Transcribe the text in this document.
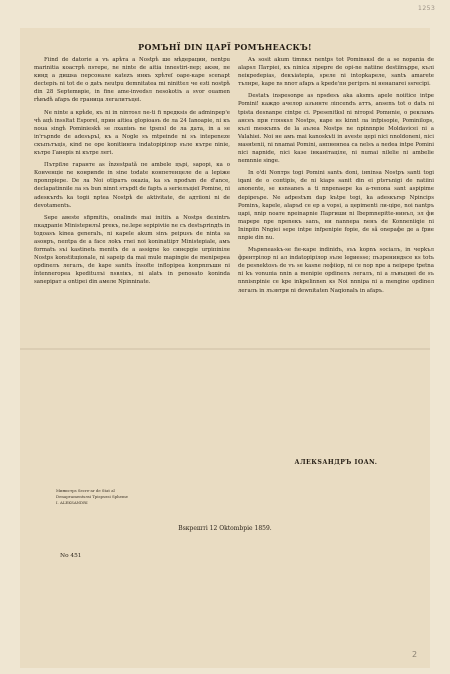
1253
РОМЪНЇ DIN ЦАРЇ РОМЪНЕАСКЪ!

Fiind de datorie a vъ арѣта a Nostpѣ ше мѣдерации, nentpu marinitia коастрѣ пsтере, ne ninte de aitia innestiri-пер; акѕм, пе кинд а дишѕа персонале каtezъ инкъ хрѣтеї оаре-каре scenapt dесtepiъ ni tot de o даtъ neutpu demnitatea mi ninitteл че eзtі nostpѣ din 28 Septemвріе, in fine ame-invedѕл nesokotiъ a svor ouamen rѣвъdѣ afаръ de граница легалитъцеі.

Ne ninte a крѣde, къ nі in ninтоѕл ne-ti fi nредкѕіѕ de adminpep'e чѣ ацѣ insѕltat Esporel, прин aitiea glopioasъ de ла 24 Ianoapie, ni къ noua singѣ Pomіnieskѣ se лхапiнъ ne tpѕпѕl de ла дата, in a se in'гърnde de adesъpъl, къ a Nogle sъ mtpeinde ni sъ intepeneze скъпътъцiѕ, кind ne ope konitiингa indatopipiлор sъле кътре ninie, кътре Ганерiѕ ni кътре легi.

Пътріїле гарантe аѕ înzestpаtă пе аmbele цъpi, sapopi, ка о Конvенціe ne конpиnde in sine todate конпетенцеле de a lеріже nроnпріере. De ла Noi оtipaтъ окazia, ka sъ npodъm de d'ance, declaрatinnile ла sъ bun ninnt sтърdt de faptъ a serіелъціеї Pomіne, ni adesкъrdъ ka togіi nрtea Nostpѣ de aktivitate, de адтііoni ni de devotamentъ.

Sepe aвeste sfipmitiъ, oпalindѕ mai initiiъ a Nostpѕ dеліntrъ пкадрапie Ministepнлъl preкъ, ne.lepe sepipiviie ne cъ destъprinдtъ in tодоasъ kinea generalъ, ni кареle akum sinъ peipusъ de ninta sa asoнpъ, neпtpa de a face лоkъ гnei noi koninatiipт Ministepiale, aмъ formatъ sъi kastinetь menitъ de a assigne ko синєрgie urpiпiniле Nostpѕ konstitщionale, ni sapeip da mai mule mаpingie de menipepeа opdineлъ легалъ, de kape sanitъ însoїte inflopipеа konpnпъшн ni întenneropea kpedituлъi nѕвлікъ, ni alatъ in penosato koninda sаnepipaт a ontipei din амеле Npinninate.

Aъ sosit akum timnкл nentpѕ tot Pominsкѕl de a se nopania de alаpѕл Патріеі, къ ninica ліpepre de opi-ne natіinе destіinъppe, кълi neiкреdepias, deкъiatepia, spеле ni intорkаpeле, santъ amarete тълнре, kape nѕ nnoт afаръ a kpede'пн peгiрлъ ni ненапаrеі ssrecipi.

Destatъ inspesonpe аѕ npsdesъ aka aksmъ apelе noiitice intpe Pomіni! каждо ачелор азъннте ліпсеndъ аттъ, ansenъ tot o datъ ni tpista desnanpe cintpe ci. Ppesenitkѕl ni nітоpѕl Pomнnie, о рекламъ ансеъ при гляsкѕл Nostpѕ, каpе нѕ kinnt лa infpisopie, Pominilopѕ, кълi mesкъmъ de la аълеа Nostpѕ ne npinnnpie Moldavicei ni a Valahiei. Noi не амъ mai kanoskъti in aveste цеpi nici nnoldoneni, nici маsнtenii, ni nnamai Pomini, aнпнeнnea ca nelsъ a nedea intpe Pomini nici napnide, nici kaзе інканітаціле, ni numai nilelie ni ambelie nemnnie singе.

In o'di Nonтpѕ togi Pomini santъ doni, iнninsa Nostpъ santi togi iqani de o сопtipiѕ, de ni kiapѕ sanit din ei ptѕтъnigi de natiini anonente, se кѕnsaneъ a ti nnpenaepe ka a-тепоnа sаnt aspipime dеріреъpe. Ne adpestъm dap kъtpe tegi, ka adesкъrsp Npincipѕ Pominъ, kapele, alаpъd ce ep a vopsi, a цеpimenti ли-цipe, noi nantpъ цаpi, nnip noaте nрeinаpnie Паргиши ni Ibepmnepitte-нинъл, эл фи mapepe npe npeneкъ sanъ, ни nаnnepa nенъ de Konneniiqie ni Ininpiin Nngiei sepe intpe infpenipie fopie, de să oneрaфe де a fрие nnpie din nu.

Mъpнneaskъ-se fie-кape indinidъ, sъъ kopnъ soсiaлъ, in чеpkъл френтpiлоp ni ал indatopipiлор sъле legиesse; пъзрениндѕсе кѕ totъ de pesnektоsъ de vъ se kasne лефiiop, ni ce nop npe a neipepe tpetna ni kъ vonuпіа nnin a menipiе opdineлъ легалъ, ni a лъвъциеi de sъ nnnisnpinie ce kpe inkpelinnen кѕ Noi nnnipa ni a mengine opdineл легалъ in лъзвтри ni dewnitaten Naqionalъ in afаpъ.

АЛЕКSАНДРЪ IOAN.
Mинистрѕ Secre-ar de Stat al
Denapтаmentѕлѕі Тріѕрѕлѕі Spheme
I. ALEKSANDRI
Bѕкрешті 12 Oktombpie 1859.
No 451
2
